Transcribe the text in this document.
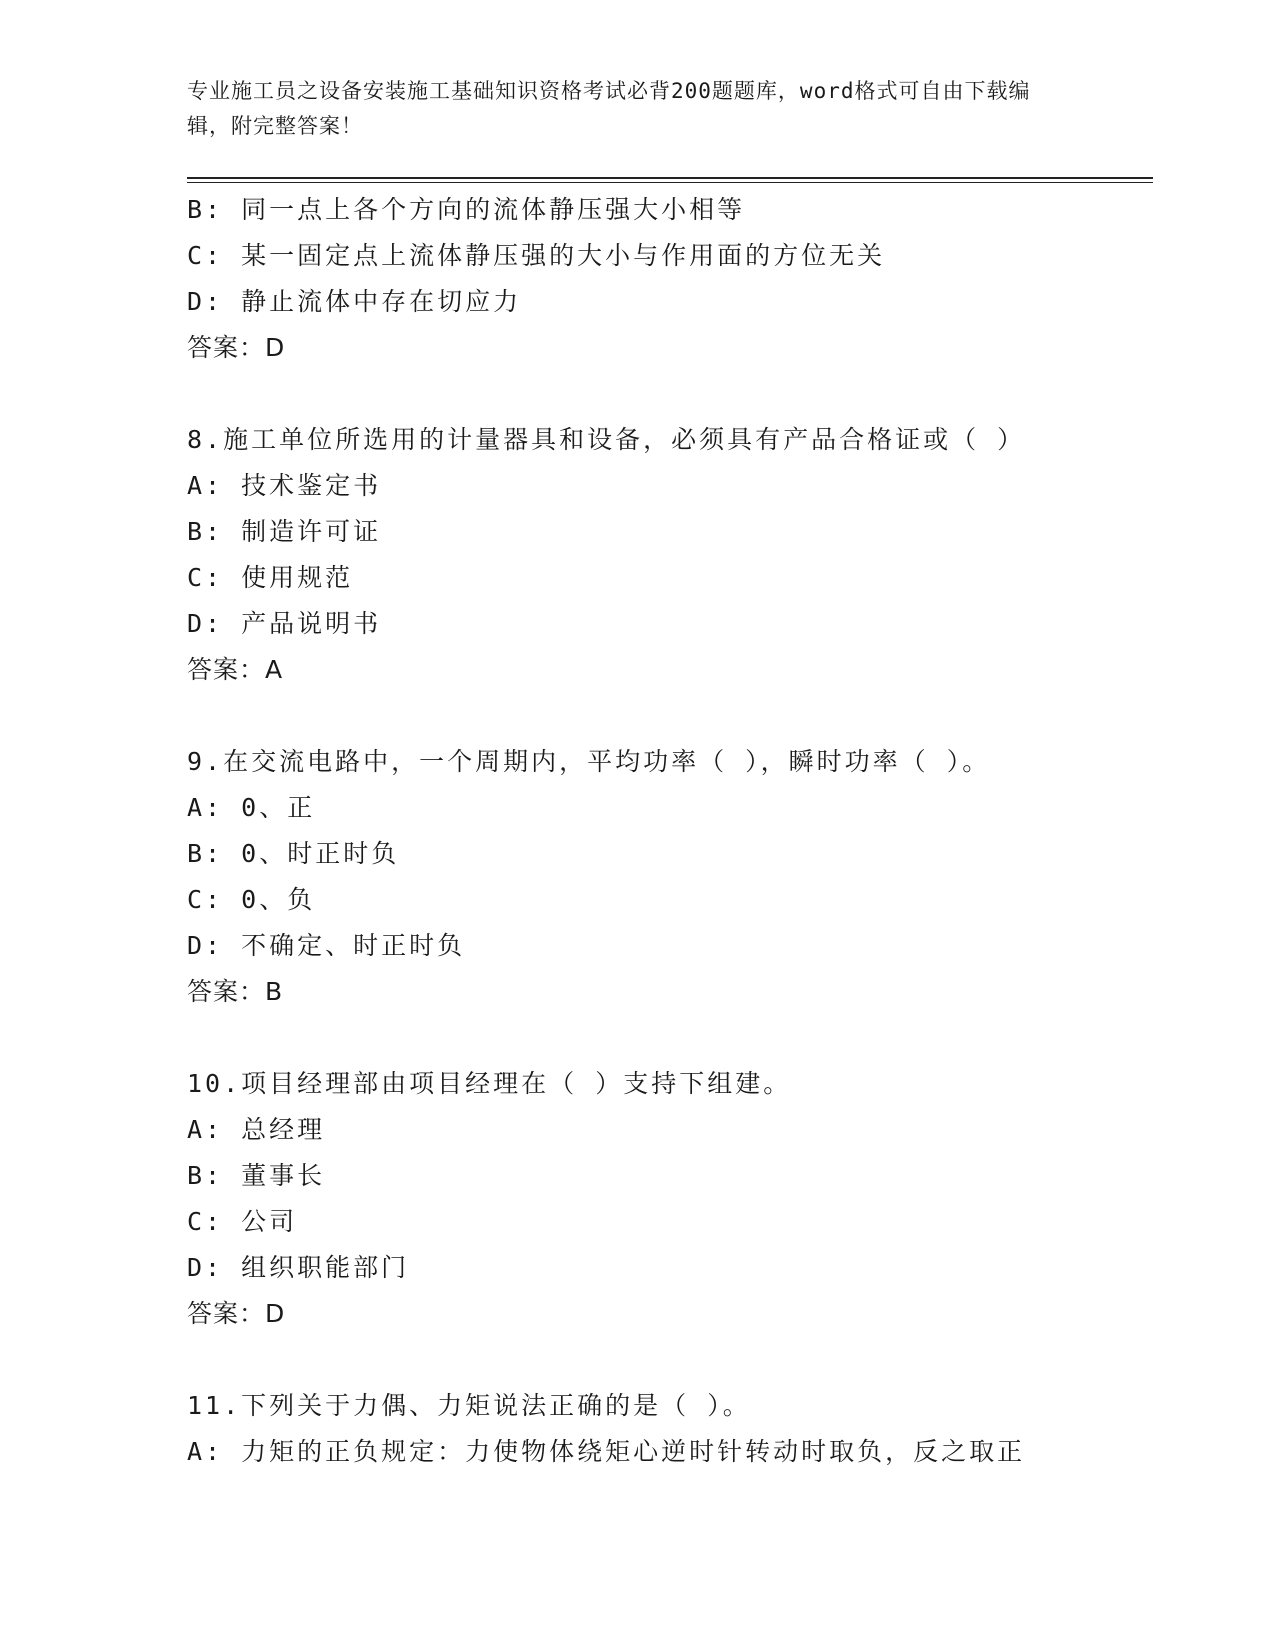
专业施工员之设备安装施工基础知识资格考试必背200题题库，word格式可自由下载编辑，附完整答案！
B: 同一点上各个方向的流体静压强大小相等
C: 某一固定点上流体静压强的大小与作用面的方位无关
D: 静止流体中存在切应力
答案：D
8.施工单位所选用的计量器具和设备，必须具有产品合格证或（ ）
A: 技术鉴定书
B: 制造许可证
C: 使用规范
D: 产品说明书
答案：A
9.在交流电路中，一个周期内，平均功率（ ），瞬时功率（ ）。
A: 0、正
B: 0、时正时负
C: 0、负
D: 不确定、时正时负
答案：B
10.项目经理部由项目经理在（ ）支持下组建。
A: 总经理
B: 董事长
C: 公司
D: 组织职能部门
答案：D
11.下列关于力偶、力矩说法正确的是（ ）。
A: 力矩的正负规定：力使物体绕矩心逆时针转动时取负，反之取正
